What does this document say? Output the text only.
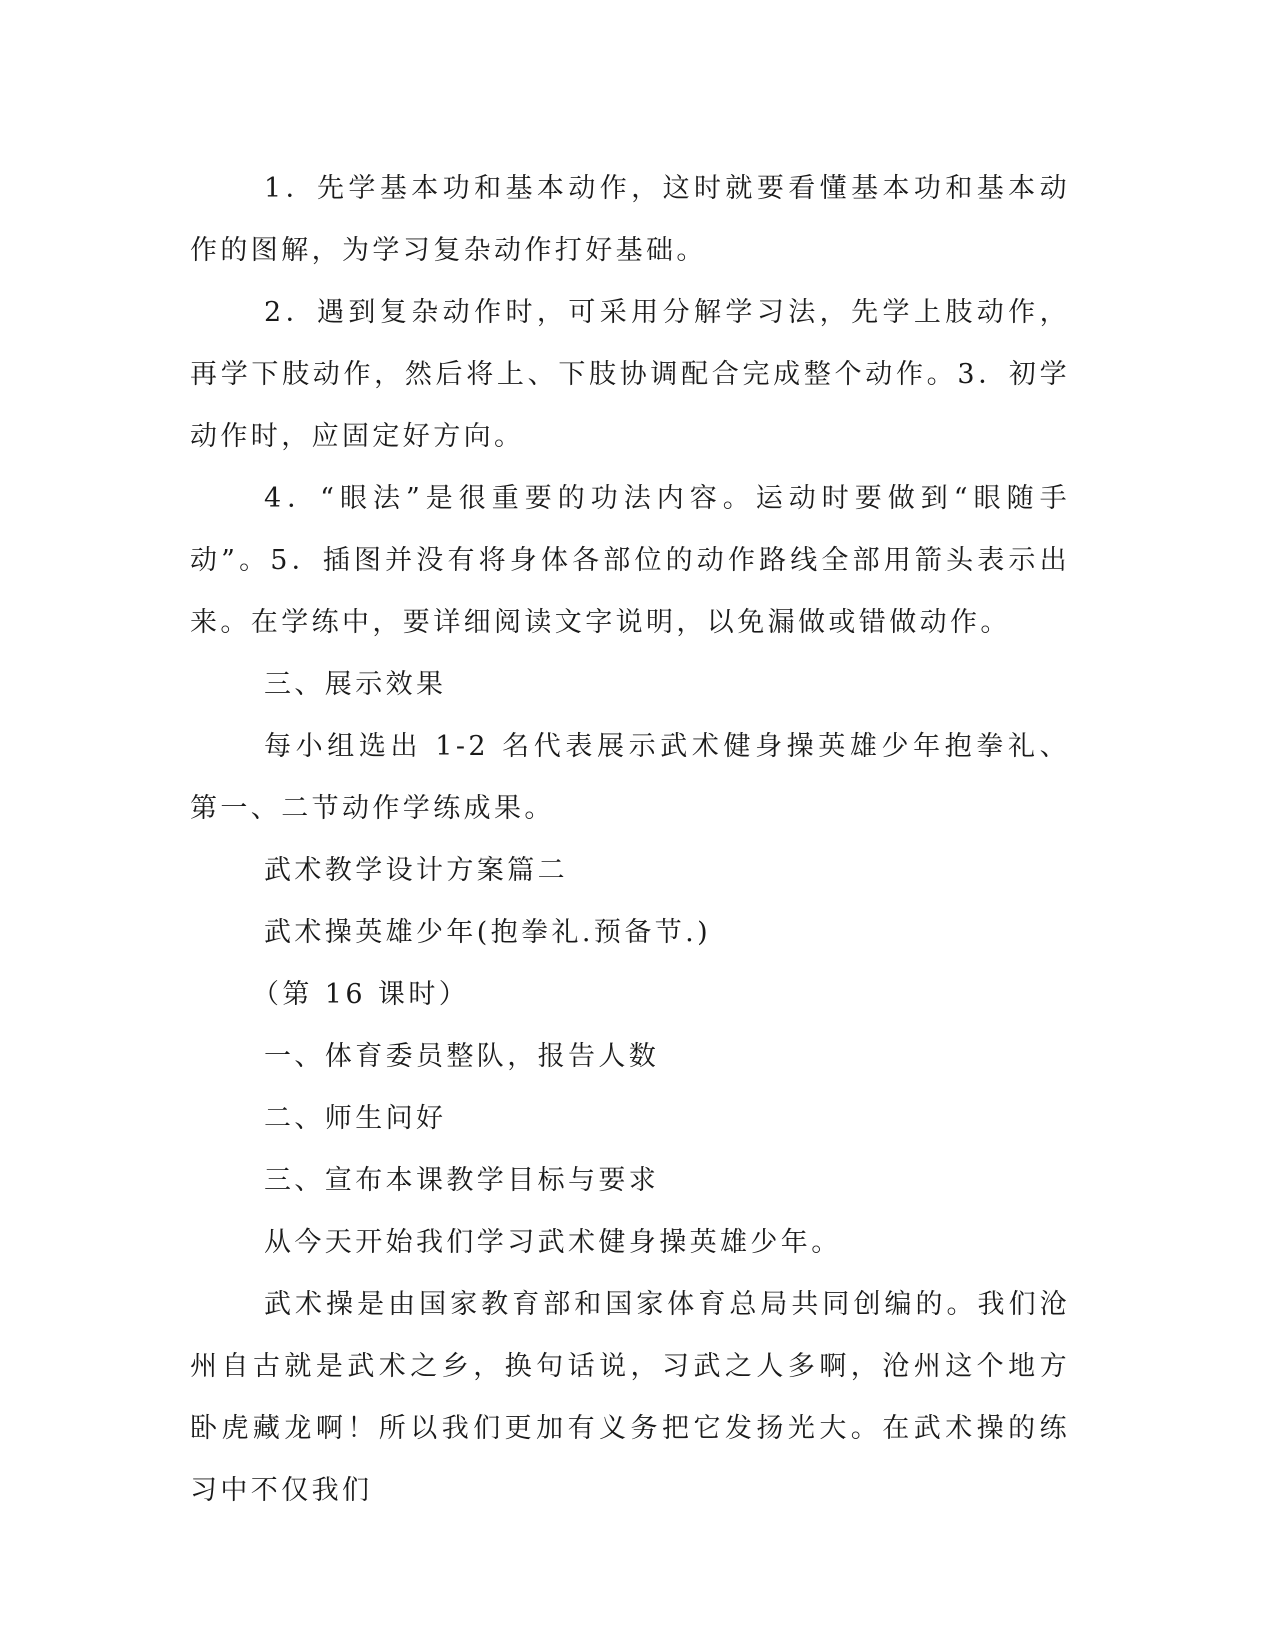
1．先学基本功和基本动作，这时就要看懂基本功和基本动作的图解，为学习复杂动作打好基础。

2．遇到复杂动作时，可采用分解学习法，先学上肢动作，再学下肢动作，然后将上、下肢协调配合完成整个动作。3．初学动作时，应固定好方向。

4．“眼法”是很重要的功法内容。运动时要做到“眼随手动”。5．插图并没有将身体各部位的动作路线全部用箭头表示出来。在学练中，要详细阅读文字说明，以免漏做或错做动作。

三、展示效果

每小组选出 1-2 名代表展示武术健身操英雄少年抱拳礼、第一、二节动作学练成果。

武术教学设计方案篇二

武术操英雄少年(抱拳礼.预备节.)

（第 16 课时）

一、体育委员整队，报告人数

二、师生问好

三、宣布本课教学目标与要求

从今天开始我们学习武术健身操英雄少年。

武术操是由国家教育部和国家体育总局共同创编的。我们沧州自古就是武术之乡，换句话说，习武之人多啊，沧州这个地方卧虎藏龙啊！所以我们更加有义务把它发扬光大。在武术操的练习中不仅我们
